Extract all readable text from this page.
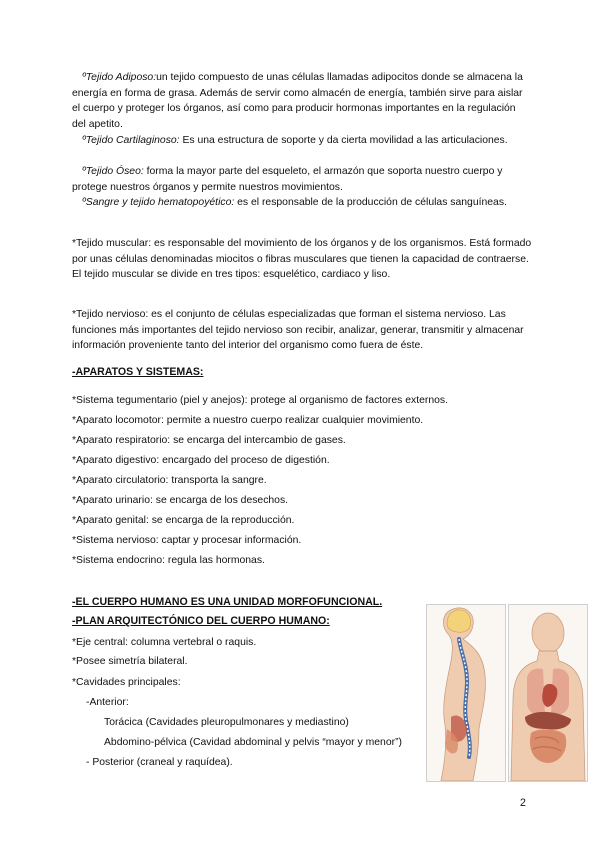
ºTejido Adiposo:un tejido compuesto de unas células llamadas adipocitos donde se almacena la energía en forma de grasa. Además de servir como almacén de energía, también sirve para aislar el cuerpo y proteger los órganos, así como para producir hormonas importantes en la regulación del apetito.

ºTejido Cartilaginoso: Es una estructura de soporte y da cierta movilidad a las articulaciones.

ºTejido Óseo: forma la mayor parte del esqueleto, el armazón que soporta nuestro cuerpo y protege nuestros órganos y permite nuestros movimientos.

ºSangre y tejido hematopoyético: es el responsable de la producción de células sanguíneas.

*Tejido muscular: es responsable del movimiento de los órganos y de los organismos. Está formado por unas células denominadas miocitos o fibras musculares que tienen la capacidad de contraerse. El tejido muscular se divide en tres tipos: esquelético, cardiaco y liso.

*Tejido nervioso: es el conjunto de células especializadas que forman el sistema nervioso. Las funciones más importantes del tejido nervioso son recibir, analizar, generar, transmitir y almacenar información proveniente tanto del interior del organismo como fuera de éste.

-APARATOS Y SISTEMAS:

*Sistema tegumentario (piel y anejos): protege al organismo de factores externos.

*Aparato locomotor: permite a nuestro cuerpo realizar cualquier movimiento.

*Aparato respiratorio: se encarga del intercambio de gases.

*Aparato digestivo: encargado del proceso de digestión.

*Aparato circulatorio: transporta la sangre.

*Aparato urinario: se encarga de los desechos.

*Aparato genital: se encarga de la reproducción.

*Sistema nervioso: captar y procesar información.

*Sistema endocrino: regula las hormonas.

-EL CUERPO HUMANO ES UNA UNIDAD MORFOFUNCIONAL.

-PLAN ARQUITECTÓNICO DEL CUERPO HUMANO:

*Eje central: columna vertebral o raquis.

*Posee simetría bilateral.

*Cavidades principales:

-Anterior:

Torácica (Cavidades pleuropulmonares y mediastino)

Abdomino-pélvica (Cavidad abdominal y pelvis “mayor y menor”)

- Posterior (craneal y raquídea).

2
